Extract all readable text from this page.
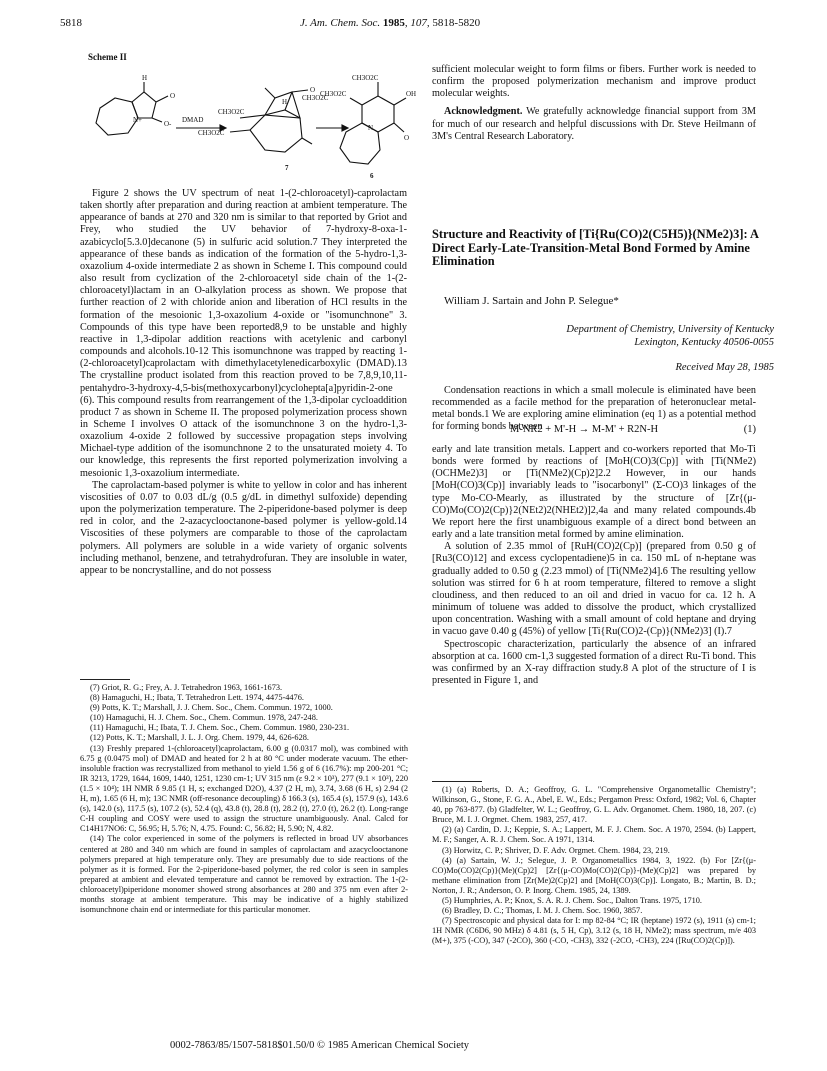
5818	J. Am. Chem. Soc. 1985, 107, 5818-5820
Scheme II
H
O
O-
N+	DMAD
CH3O2C
CH3O2C
H
O
CH3O2C
CH3O2C
CH3O2C	OH
N
O
7
6

Figure 2 shows the UV spectrum of neat 1-(2-chloroacetyl)-caprolactam taken shortly after preparation and during reaction at ambient temperature. The appearance of bands at 270 and 320 nm is similar to that reported by Griot and Frey, who studied the UV behavior of 7-hydroxy-8-oxa-1-azabicyclo[5.3.0]decanone (5) in sulfuric acid solution.7 They interpreted the appearance of these bands as indication of the formation of the 5-hydro-1,3-oxazolium 4-oxide intermediate 2 as shown in Scheme I. This compound could also result from cyclization of the 2-chloroacetyl side chain of the 1-(2-chloroacetyl)lactam in an O-alkylation process as shown. We propose that further reaction of 2 with chloride anion and liberation of HCl results in the formation of the mesoionic 1,3-oxazolium 4-oxide or "isomunchnone" 3. Compounds of this type have been reported8,9 to be unstable and highly reactive in 1,3-dipolar addition reactions with acetylenic and carbonyl compounds and alcohols.10-12 This isomunchnone was trapped by reacting 1-(2-chloroacetyl)caprolactam with dimethylacetylenedicarboxylic (DMAD).13 The crystalline product isolated from this reaction proved to be 7,8,9,10,11-pentahydro-3-hydroxy-4,5-bis(methoxycarbonyl)cyclohepta[a]pyridin-2-one (6). This compound results from rearrangement of the 1,3-dipolar cycloaddition product 7 as shown in Scheme II. The proposed polymerization process shown in Scheme I involves O attack of the isomunchnone 3 on the hydro-1,3-oxazolium 4-oxide 2 followed by successive propagation steps involving Michael-type addition of the isomunchnone 2 to the unsaturated moiety 4. To our knowledge, this represents the first reported polymerization involving a mesoionic 1,3-oxazolium intermediate.

The caprolactam-based polymer is white to yellow in color and has inherent viscosities of 0.07 to 0.03 dL/g (0.5 g/dL in dimethyl sulfoxide) depending upon the polymerization temperature. The 2-piperidone-based polymer is deep red in color, and the 2-azacyclooctanone-based polymer is yellow-gold.14 Viscosities of these polymers are comparable to those of the caprolactam polymers. All polymers are soluble in a wide variety of organic solvents including methanol, benzene, and tetrahydrofuran. They are insoluble in water, appear to be noncrystalline, and do not possess

sufficient molecular weight to form films or fibers. Further work is needed to confirm the proposed polymerization mechanism and improve product molecular weights.

Acknowledgment. We gratefully acknowledge financial support from 3M for much of our research and helpful discussions with Dr. Steve Heilmann of 3M's Central Research Laboratory.

Structure and Reactivity of [Ti{Ru(CO)2(C5H5)}(NMe2)3]: A Direct Early-Late-Transition-Metal Bond Formed by Amine Elimination
William J. Sartain and John P. Selegue*
Department of Chemistry, University of Kentucky
Lexington, Kentucky 40506-0055
Received May 28, 1985

Condensation reactions in which a small molecule is eliminated have been recommended as a facile method for the preparation of heteronuclear metal-metal bonds.1 We are exploring amine elimination (eq 1) as a potential method for forming bonds between

M-NR2 + M'-H → M-M' + R2N-H	(1)

early and late transition metals. Lappert and co-workers reported that Mo-Ti bonds were formed by reactions of [MoH(CO)3(Cp)] with [Ti(NMe2)(OCHMe2)3] or [Ti(NMe2)(Cp)2]2.2 However, in our hands [MoH(CO)3(Cp)] invariably leads to "isocarbonyl" (Σ-CO)3 linkages of the type Mo-CO-Mearly, as illustrated by the structure of [Zr{(μ-CO)Mo(CO)2(Cp)}2(NEt2)2(NHEt2)]2,4a and many related compounds.4b We report here the first unambiguous example of a direct bond between an early and a late transition metal formed by amine elimination.

A solution of 2.35 mmol of [RuH(CO)2(Cp)] (prepared from 0.50 g of [Ru3(CO)12] and excess cyclopentadiene)5 in ca. 150 mL of n-heptane was gradually added to 0.50 g (2.23 mmol) of [Ti(NMe2)4].6 The resulting yellow solution was stirred for 6 h at room temperature, filtered to remove a slight cloudiness, and then reduced to an oil and dried in vacuo for ca. 12 h. A minimum of toluene was added to dissolve the product, which crystallized upon concentration. Washing with a small amount of cold heptane and drying in vacuo gave 0.40 g (45%) of yellow [Ti{Ru(CO)2-(Cp)}(NMe2)3] (I).7

Spectroscopic characterization, particularly the absence of an infrared absorption at ca. 1600 cm-1,3 suggested formation of a direct Ru-Ti bond. This was confirmed by an X-ray diffraction study.8 A plot of the structure of I is presented in Figure 1, and

(7) Griot, R. G.; Frey, A. J. Tetrahedron 1963, 1661-1673.

(8) Hamaguchi, H.; Ibata, T. Tetrahedron Lett. 1974, 4475-4476.

(9) Potts, K. T.; Marshall, J. J. Chem. Soc., Chem. Commun. 1972, 1000.

(10) Hamaguchi, H. J. Chem. Soc., Chem. Commun. 1978, 247-248.

(11) Hamaguchi, H.; Ibata, T. J. Chem. Soc., Chem. Commun. 1980, 230-231.

(12) Potts, K. T.; Marshall, J. L. J. Org. Chem. 1979, 44, 626-628.

(13) Freshly prepared 1-(chloroacetyl)caprolactam, 6.00 g (0.0317 mol), was combined with 6.75 g (0.0475 mol) of DMAD and heated for 2 h at 80 °C under moderate vacuum. The ether-insoluble fraction was recrystallized from methanol to yield 1.56 g of 6 (16.7%): mp 200-201 °C; IR 3213, 1729, 1644, 1609, 1440, 1251, 1230 cm-1; UV 315 nm (ε 9.2 × 10³), 277 (9.1 × 10³), 220 (1.5 × 10⁴); 1H NMR δ 9.85 (1 H, s; exchanged D2O), 4.37 (2 H, m), 3.74, 3.68 (6 H, s) 2.94 (2 H, m), 1.65 (6 H, m); 13C NMR (off-resonance decoupling) δ 166.3 (s), 165.4 (s), 157.9 (s), 143.6 (s), 142.0 (s), 117.5 (s), 107.2 (s), 52.4 (q), 43.8 (t), 28.8 (t), 28.2 (t), 27.0 (t), 26.2 (t). Long-range C-H coupling and COSY were used to assign the structure unambiguously. Anal. Calcd for C14H17NO6: C, 56.95; H, 5.76; N, 4.75. Found: C, 56.82; H, 5.90; N, 4.82.

(14) The color experienced in some of the polymers is reflected in broad UV absorbances centered at 280 and 340 nm which are found in samples of caprolactam and azacyclooctanone polymers prepared at high temperature only. They are presumably due to side reactions of the polymer as it is formed. For the 2-piperidone-based polymer, the red color is seen in samples prepared at ambient and elevated temperature and cannot be removed by extraction. The 1-(2-chloroacetyl)piperidone monomer showed strong absorbances at 280 and 375 nm even after 2-months storage at ambient temperature. This may be indicative of a highly stabilized isomunchnone chain end or intermediate for this particular monomer.

(1) (a) Roberts, D. A.; Geoffroy, G. L. "Comprehensive Organometallic Chemistry"; Wilkinson, G., Stone, F. G. A., Abel, E. W., Eds.; Pergamon Press: Oxford, 1982; Vol. 6, Chapter 40, pp 763-877. (b) Gladfelter, W. L.; Geoffroy, G. L. Adv. Organomet. Chem. 1980, 18, 207. (c) Bruce, M. I. J. Orgmet. Chem. 1983, 257, 417.

(2) (a) Cardin, D. J.; Keppie, S. A.; Lappert, M. F. J. Chem. Soc. A 1970, 2594. (b) Lappert, M. F.; Sanger, A. R. J. Chem. Soc. A 1971, 1314.

(3) Horwitz, C. P.; Shriver, D. F. Adv. Orgmet. Chem. 1984, 23, 219.

(4) (a) Sartain, W. J.; Selegue, J. P. Organometallics 1984, 3, 1922. (b) For [Zr{(μ-CO)Mo(CO)2(Cp)}(Me)(Cp)2] [Zr{(μ-CO)Mo(CO)2(Cp)}-(Me)(Cp)2] was prepared by methane elimination from [Zr(Me)2(Cp)2] and [MoH(CO)3(Cp)]. Longato, B.; Martin, B. D.; Norton, J. R.; Anderson, O. P. Inorg. Chem. 1985, 24, 1389.

(5) Humphries, A. P.; Knox, S. A. R. J. Chem. Soc., Dalton Trans. 1975, 1710.

(6) Bradley, D. C.; Thomas, I. M. J. Chem. Soc. 1960, 3857.

(7) Spectroscopic and physical data for I: mp 82-84 °C; IR (heptane) 1972 (s), 1911 (s) cm-1; 1H NMR (C6D6, 90 MHz) δ 4.81 (s, 5 H, Cp), 3.12 (s, 18 H, NMe2); mass spectrum, m/e 403 (M+), 375 (-CO), 347 (-2CO), 360 (-CO, -CH3), 332 (-2CO, -CH3), 224 ([Ru(CO)2(Cp)]).

0002-7863/85/1507-5818$01.50/0 © 1985 American Chemical Society
